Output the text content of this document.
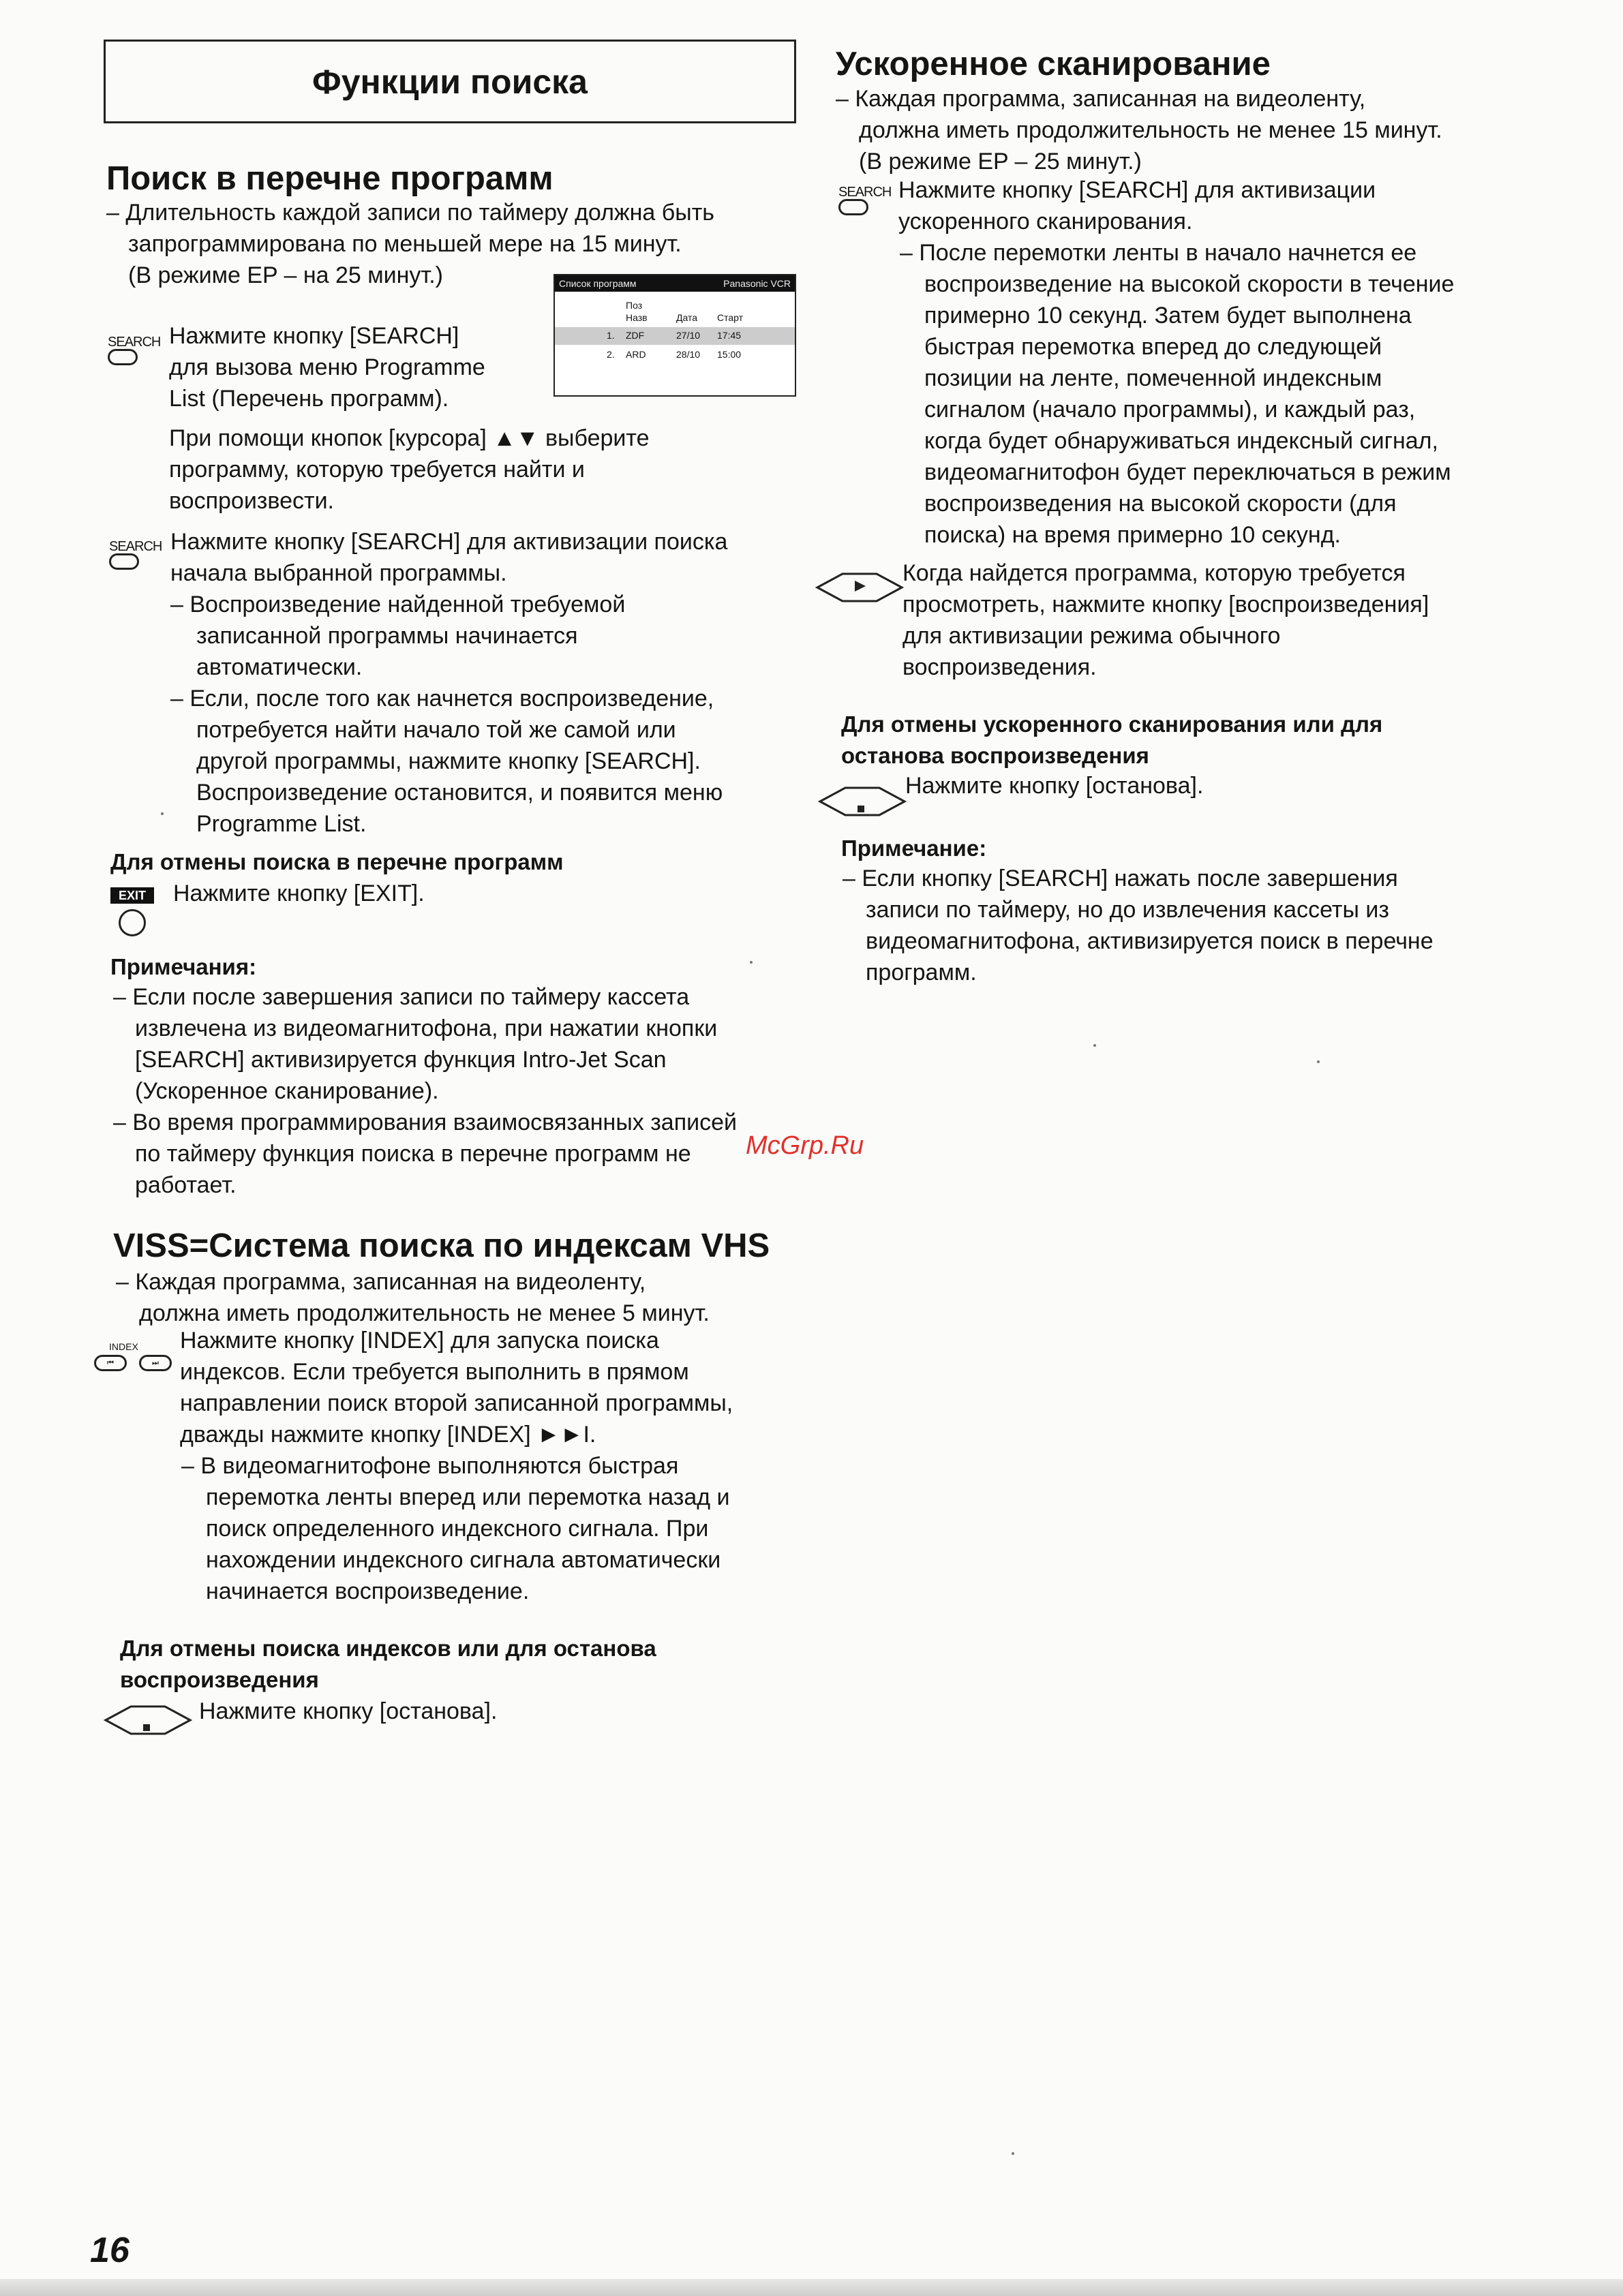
Функции поиска
Поиск в перечне программ
– Длительность каждой записи по таймеру должна быть
запрограммирована по меньшей мере на 15 минут.
(В режиме EP – на 25 минут.)	Список программ	Panasonic VCR
Поз
Назв	Дата Старт
1. ZDF	27/10 17:45
2. ARD	28/10 15:00
SEARCH Нажмите кнопку [SEARCH]
для вызова меню Programme
List (Перечень программ).
При помощи кнопок [курсора] ▲▼ выберите
программу, которую требуется найти и
воспроизвести.
SEARCH Нажмите кнопку [SEARCH] для активизации поиска
начала выбранной программы.
– Воспроизведение найденной требуемой
записанной программы начинается
автоматически.
– Если, после того как начнется воспроизведение,
потребуется найти начало той же самой или
другой программы, нажмите кнопку [SEARCH].
Воспроизведение остановится, и появится меню
Programme List.
Для отмены поиска в перечне программ
EXIT Нажмите кнопку [EXIT].
Примечания:
– Если после завершения записи по таймеру кассета
извлечена из видеомагнитофона, при нажатии кнопки
[SEARCH] активизируется функция Intro-Jet Scan
(Ускоренное сканирование).
– Во время программирования взаимосвязанных записей
по таймеру функция поиска в перечне программ не
работает.
VISS=Система поиска по индексам VHS
– Каждая программа, записанная на видеоленту,
должна иметь продолжительность не менее 5 минут.
INDEX
⏮	⏭
Нажмите кнопку [INDEX] для запуска поиска
индексов. Если требуется выполнить в прямом
направлении поиск второй записанной программы,
дважды нажмите кнопку [INDEX] ►►I.
– В видеомагнитофоне выполняются быстрая
перемотка ленты вперед или перемотка назад и
поиск определенного индексного сигнала. При
нахождении индексного сигнала автоматически
начинается воспроизведение.
Для отмены поиска индексов или для останова
воспроизведения
Нажмите кнопку [останова].
Ускоренное сканирование
– Каждая программа, записанная на видеоленту,
должна иметь продолжительность не менее 15 минут.
(В режиме EP – 25 минут.)
SEARCH Нажмите кнопку [SEARCH] для активизации
ускоренного сканирования.
– После перемотки ленты в начало начнется ее
воспроизведение на высокой скорости в течение
примерно 10 секунд. Затем будет выполнена
быстрая перемотка вперед до следующей
позиции на ленте, помеченной индексным
сигналом (начало программы), и каждый раз,
когда будет обнаруживаться индексный сигнал,
видеомагнитофон будет переключаться в режим
воспроизведения на высокой скорости (для
поиска) на время примерно 10 секунд.
Когда найдется программа, которую требуется
просмотреть, нажмите кнопку [воспроизведения]
для активизации режима обычного
воспроизведения.
Для отмены ускоренного сканирования или для
останова воспроизведения
Нажмите кнопку [останова].
Примечание:
– Если кнопку [SEARCH] нажать после завершения
записи по таймеру, но до извлечения кассеты из
видеомагнитофона, активизируется поиск в перечне
программ.
McGrp.Ru
16
